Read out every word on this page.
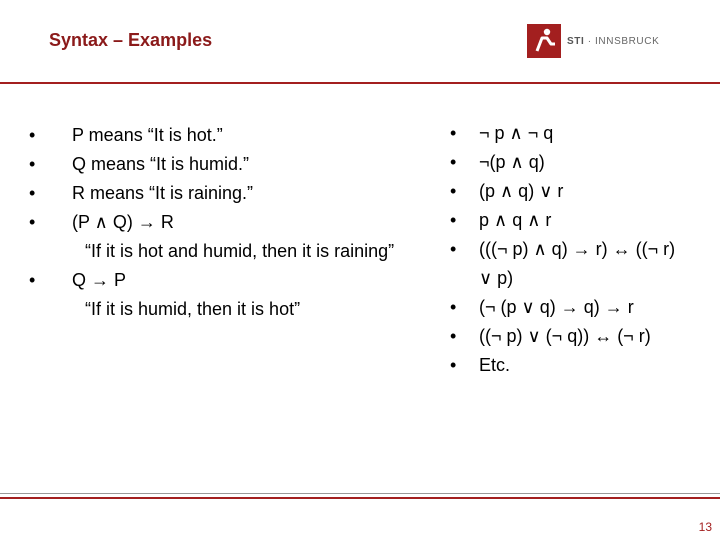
Syntax – Examples	STI · INNSBRUCK
• P means “It is hot.”
• Q means “It is humid.”
• R means “It is raining.”
• (P ∧ Q) → R
“If it is hot and humid, then it is raining”
• Q → P
“If it is humid, then it is hot”
• ¬ p ∧ ¬ q
• ¬(p ∧ q)
• (p ∧ q) ∨ r
• p ∧ q ∧ r
• (((¬ p) ∧ q) → r) ↔ ((¬ r)
∨ p)
• (¬ (p ∨ q) → q) → r
• ((¬ p) ∨ (¬ q)) ↔ (¬ r)
• Etc.
13
